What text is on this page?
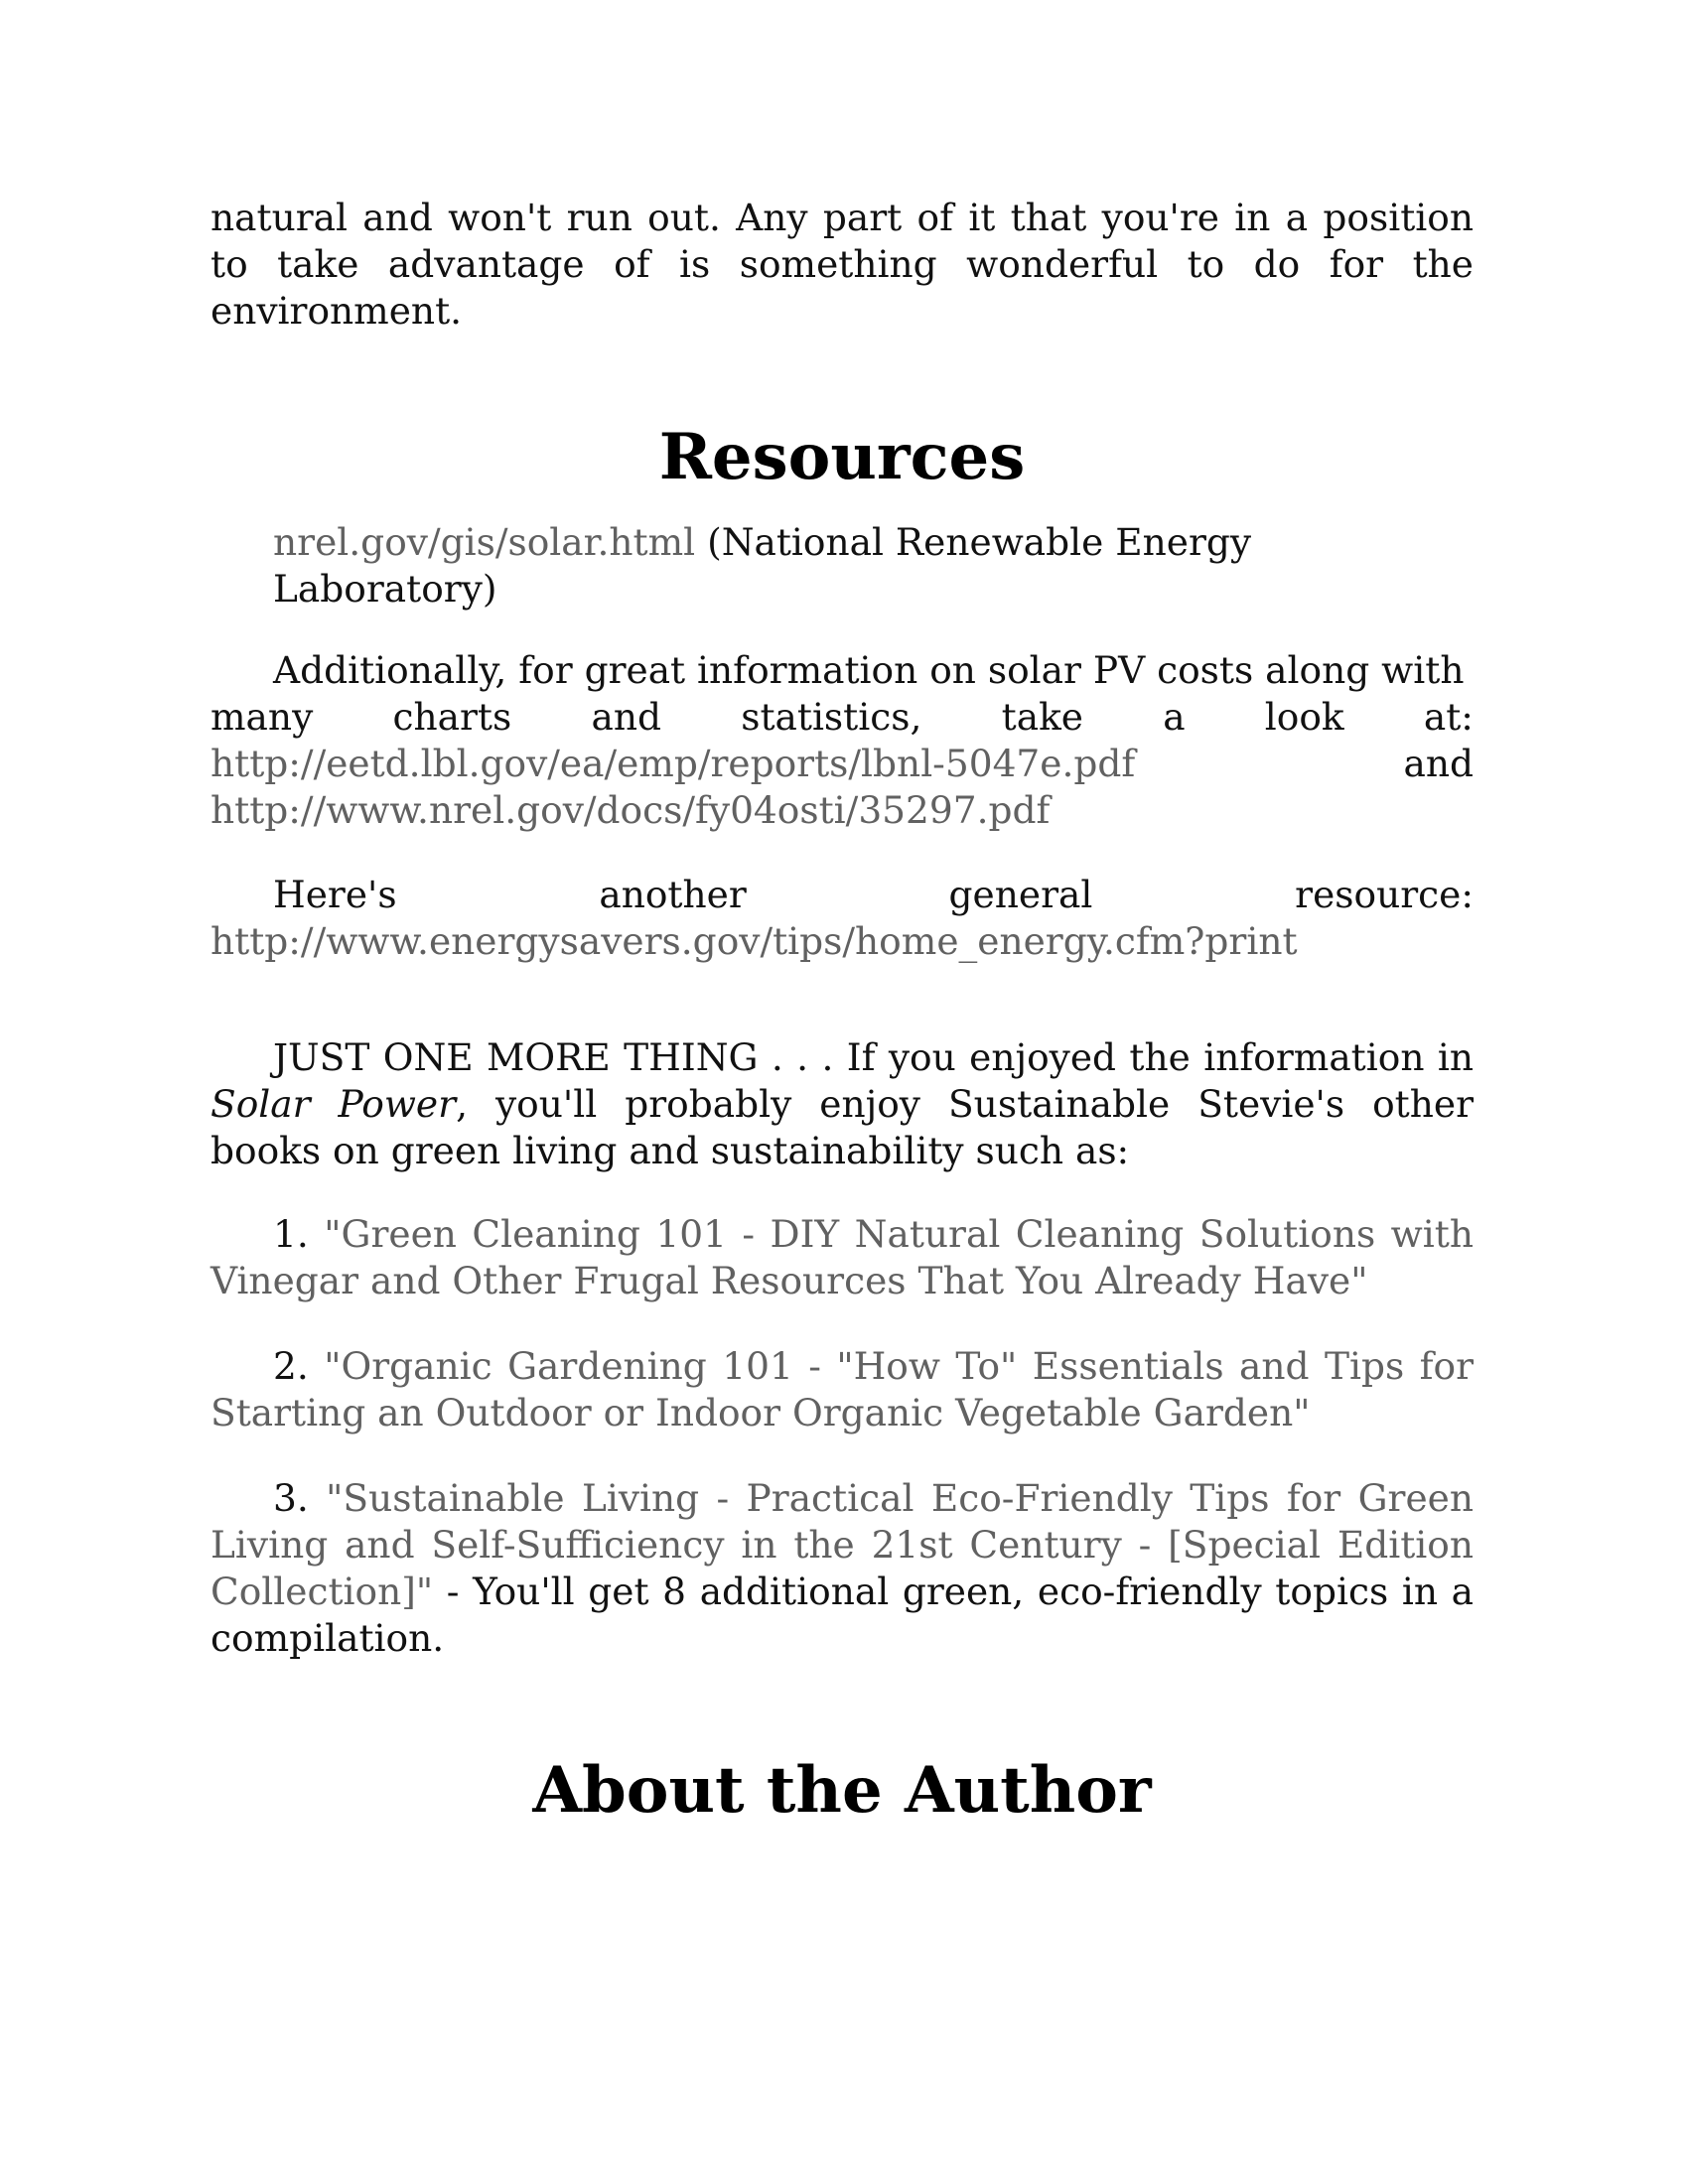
natural and won't run out. Any part of it that you're in a position to take advantage of is something wonderful to do for the environment.

Resources

nrel.gov/gis/solar.html (National Renewable Energy Laboratory)

Additionally, for great information on solar PV costs along with

many charts and statistics, take a look at:

http://eetd.lbl.gov/ea/emp/reports/lbnl-5047e.pdf	and

http://www.nrel.gov/docs/fy04osti/35297.pdf

Here's	another	general	resource:

http://www.energysavers.gov/tips/home_energy.cfm?print

JUST ONE MORE THING . . . If you enjoyed the information in Solar Power, you'll probably enjoy Sustainable Stevie's other books on green living and sustainability such as:

1. "Green Cleaning 101 - DIY Natural Cleaning Solutions with Vinegar and Other Frugal Resources That You Already Have"

2. "Organic Gardening 101 - "How To" Essentials and Tips for Starting an Outdoor or Indoor Organic Vegetable Garden"

3. "Sustainable Living - Practical Eco-Friendly Tips for Green Living and Self-Sufficiency in the 21st Century - [Special Edition Collection]" - You'll get 8 additional green, eco-friendly topics in a compilation.

About the Author
